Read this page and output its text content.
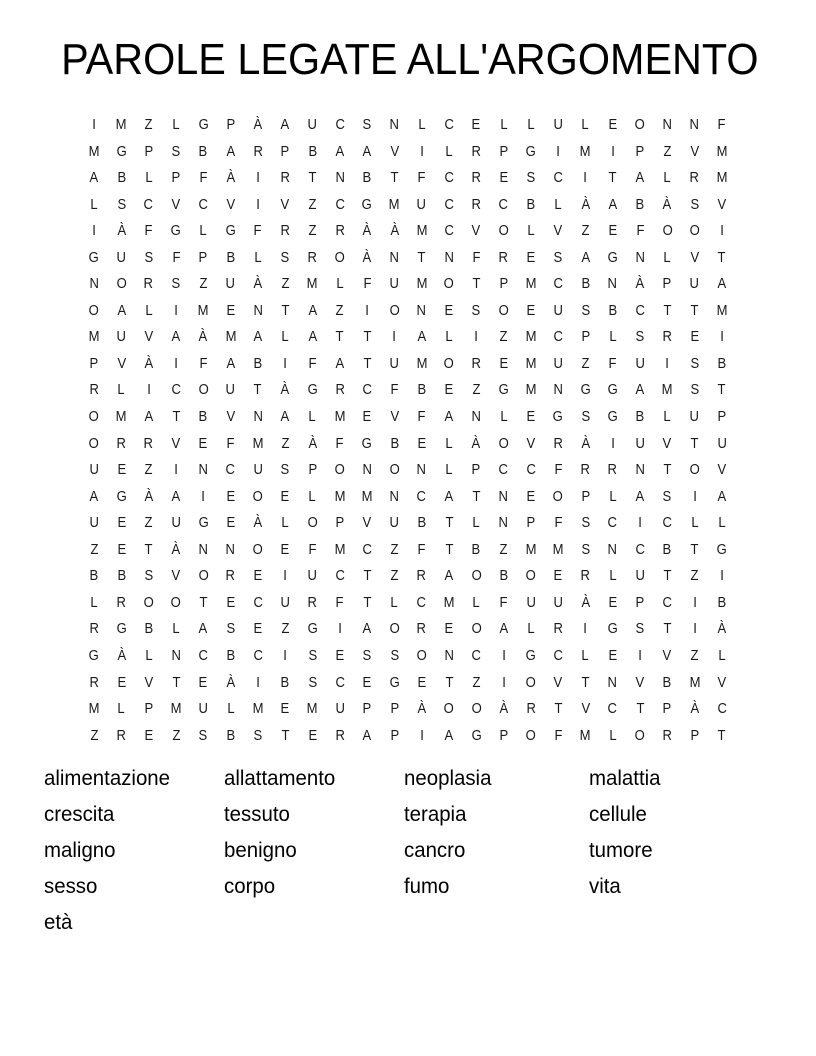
PAROLE LEGATE ALL'ARGOMENTO
I M Z L G P À A U C S N L C E L L U L E O N N F
M G P S B A R P B A A V I L R P G I M I P Z V M
A B L P F À I R T N B T F C R E S C I T A L R M
L S C V C V I V Z C G M U C R C B L À A B À S V
I À F G L G F R Z R À À M C V O L V Z E F O O I
G U S F P B L S R O À N T N F R E S A G N L V T
N O R S Z U À Z M L F U M O T P M C B N À P U A
O A L I M E N T A Z I O N E S O E U S B C T T M
M U V A À M A L A T T I A L I Z M C P L S R E I
P V À I F A B I F A T U M O R E M U Z F U I S B
R L I C O U T À G R C F B E Z G M N G G A M S T
O M A T B V N A L M E V F A N L E G S G B L U P
O R R V E F M Z À F G B E L À O V R À I U V T U
U E Z I N C U S P O N O N L P C C F R R N T O V
A G À A I E O E L M M N C A T N E O P L A S I A
U E Z U G E À L O P V U B T L N P F S C I C L L
Z E T À N N O E F M C Z F T B Z M M S N C B T G
B B S V O R E I U C T Z R A O B O E R L U T Z I
L R O O T E C U R F T L C M L F U U À E P C I B
R G B L A S E Z G I A O R E O A L R I G S T I À
G À L N C B C I S E S S O N C I G C L E I V Z L
R E V T E À I B S C E G E T Z I O V T N V B M V
M L P M U L M E M U P P À O O À R T V C T P À C
Z R E Z S B S T E R A P I A G P O F M L O R P T
alimentazione	allattamento	neoplasia	malattia
crescita	tessuto	terapia	cellule
maligno	benigno	cancro	tumore
sesso	corpo	fumo	vita
età
